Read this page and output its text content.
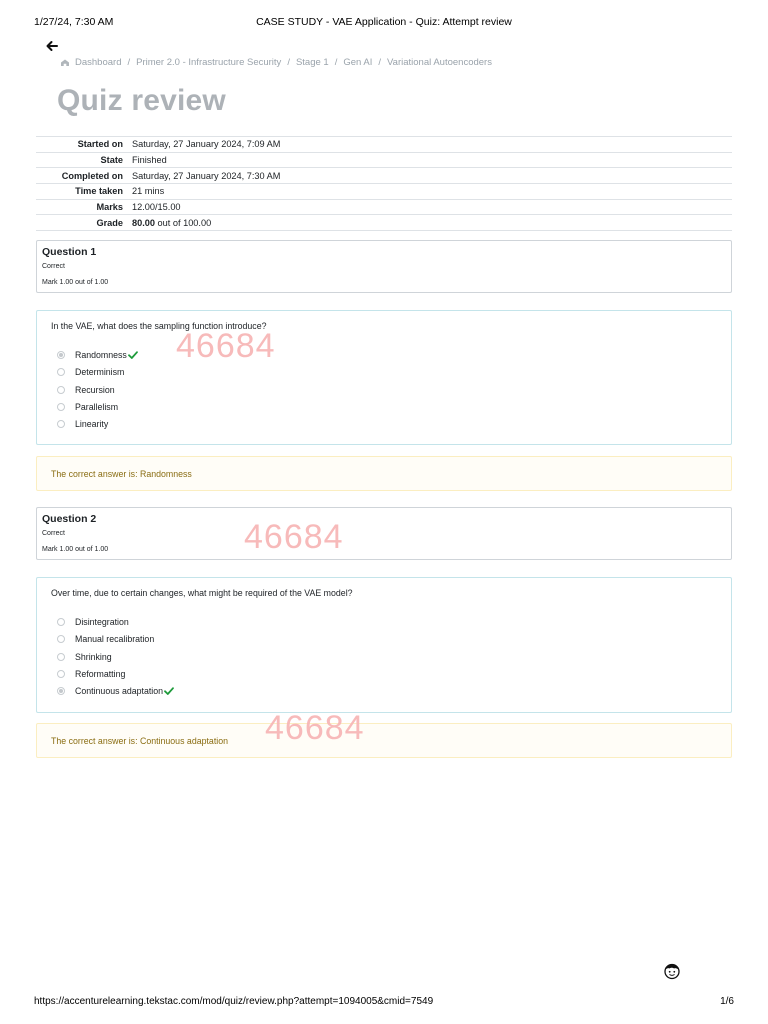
1/27/24, 7:30 AM	CASE STUDY - VAE Application - Quiz: Attempt review
Dashboard / Primer 2.0 - Infrastructure Security / Stage 1 / Gen AI / Variational Autoencoders
Quiz review
Started on	Saturday, 27 January 2024, 7:09 AM
State	Finished
Completed on	Saturday, 27 January 2024, 7:30 AM
Time taken	21 mins
Marks	12.00/15.00
Grade	80.00 out of 100.00
Question 1
Correct
Mark 1.00 out of 1.00
In the VAE, what does the sampling function introduce?
Randomness
Determinism
Recursion
Parallelism
Linearity
The correct answer is: Randomness
Question 2
Correct
Mark 1.00 out of 1.00
Over time, due to certain changes, what might be required of the VAE model?
Disintegration
Manual recalibration
Shrinking
Reformatting
Continuous adaptation
The correct answer is: Continuous adaptation
46684
46684
46684
https://accenturelearning.tekstac.com/mod/quiz/review.php?attempt=1094005&cmid=7549	1/6
